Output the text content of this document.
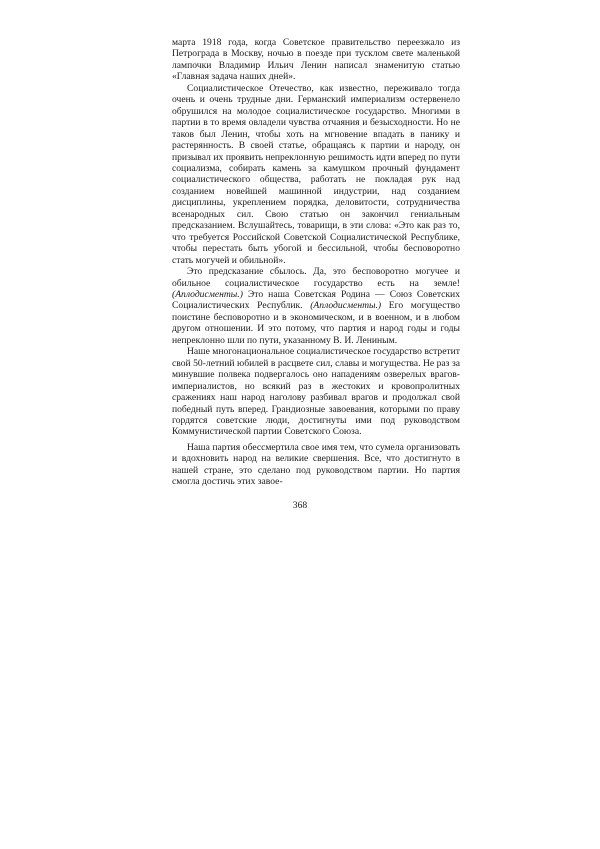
марта 1918 года, когда Советское правительство переезжало из Петрограда в Москву, ночью в поезде при тусклом свете маленькой лампочки Владимир Ильич Ленин написал знаменитую статью «Главная задача наших дней».

Социалистическое Отечество, как известно, переживало тогда очень и очень трудные дни. Германский империализм остервенело обрушился на молодое социалистическое государство. Многими в партии в то время овладели чувства отчаяния и безысходности. Но не таков был Ленин, чтобы хоть на мгновение впадать в панику и растерянность. В своей статье, обращаясь к партии и народу, он призывал их проявить непреклонную решимость идти вперед по пути социализма, собирать камень за камушком прочный фундамент социалистического общества, работать не покладая рук над созданием новейшей машинной индустрии, над созданием дисциплины, укреплением порядка, деловитости, сотрудничества всенародных сил. Свою статью он закончил гениальным предсказанием. Вслушайтесь, товарищи, в эти слова: «Это как раз то, что требуется Российской Советской Социалистической Республике, чтобы перестать быть убогой и бессильной, чтобы бесповоротно стать могучей и обильной».

Это предсказание сбылось. Да, это бесповоротно могучее и обильное социалистическое государство есть на земле! (Аплодисменты.) Это наша Советская Родина — Союз Советских Социалистических Республик. (Аплодисменты.) Его могущество поистине бесповоротно и в экономическом, и в военном, и в любом другом отношении. И это потому, что партия и народ годы и годы непреклонно шли по пути, указанному В. И. Лениным.

Наше многонациональное социалистическое государство встретит свой 50-летний юбилей в расцвете сил, славы и могущества. Не раз за минувшие полвека подвергалось оно нападениям озверелых врагов-империалистов, но всякий раз в жестоких и кровопролитных сражениях наш народ наголову разбивал врагов и продолжал свой победный путь вперед. Грандиозные завоевания, которыми по праву гордятся советские люди, достигнуты ими под руководством Коммунистической партии Советского Союза.

Наша партия обессмертила свое имя тем, что сумела организовать и вдохновить народ на великие свершения. Все, что достигнуто в нашей стране, это сделано под руководством партии. Но партия смогла достичь этих завое-

368
